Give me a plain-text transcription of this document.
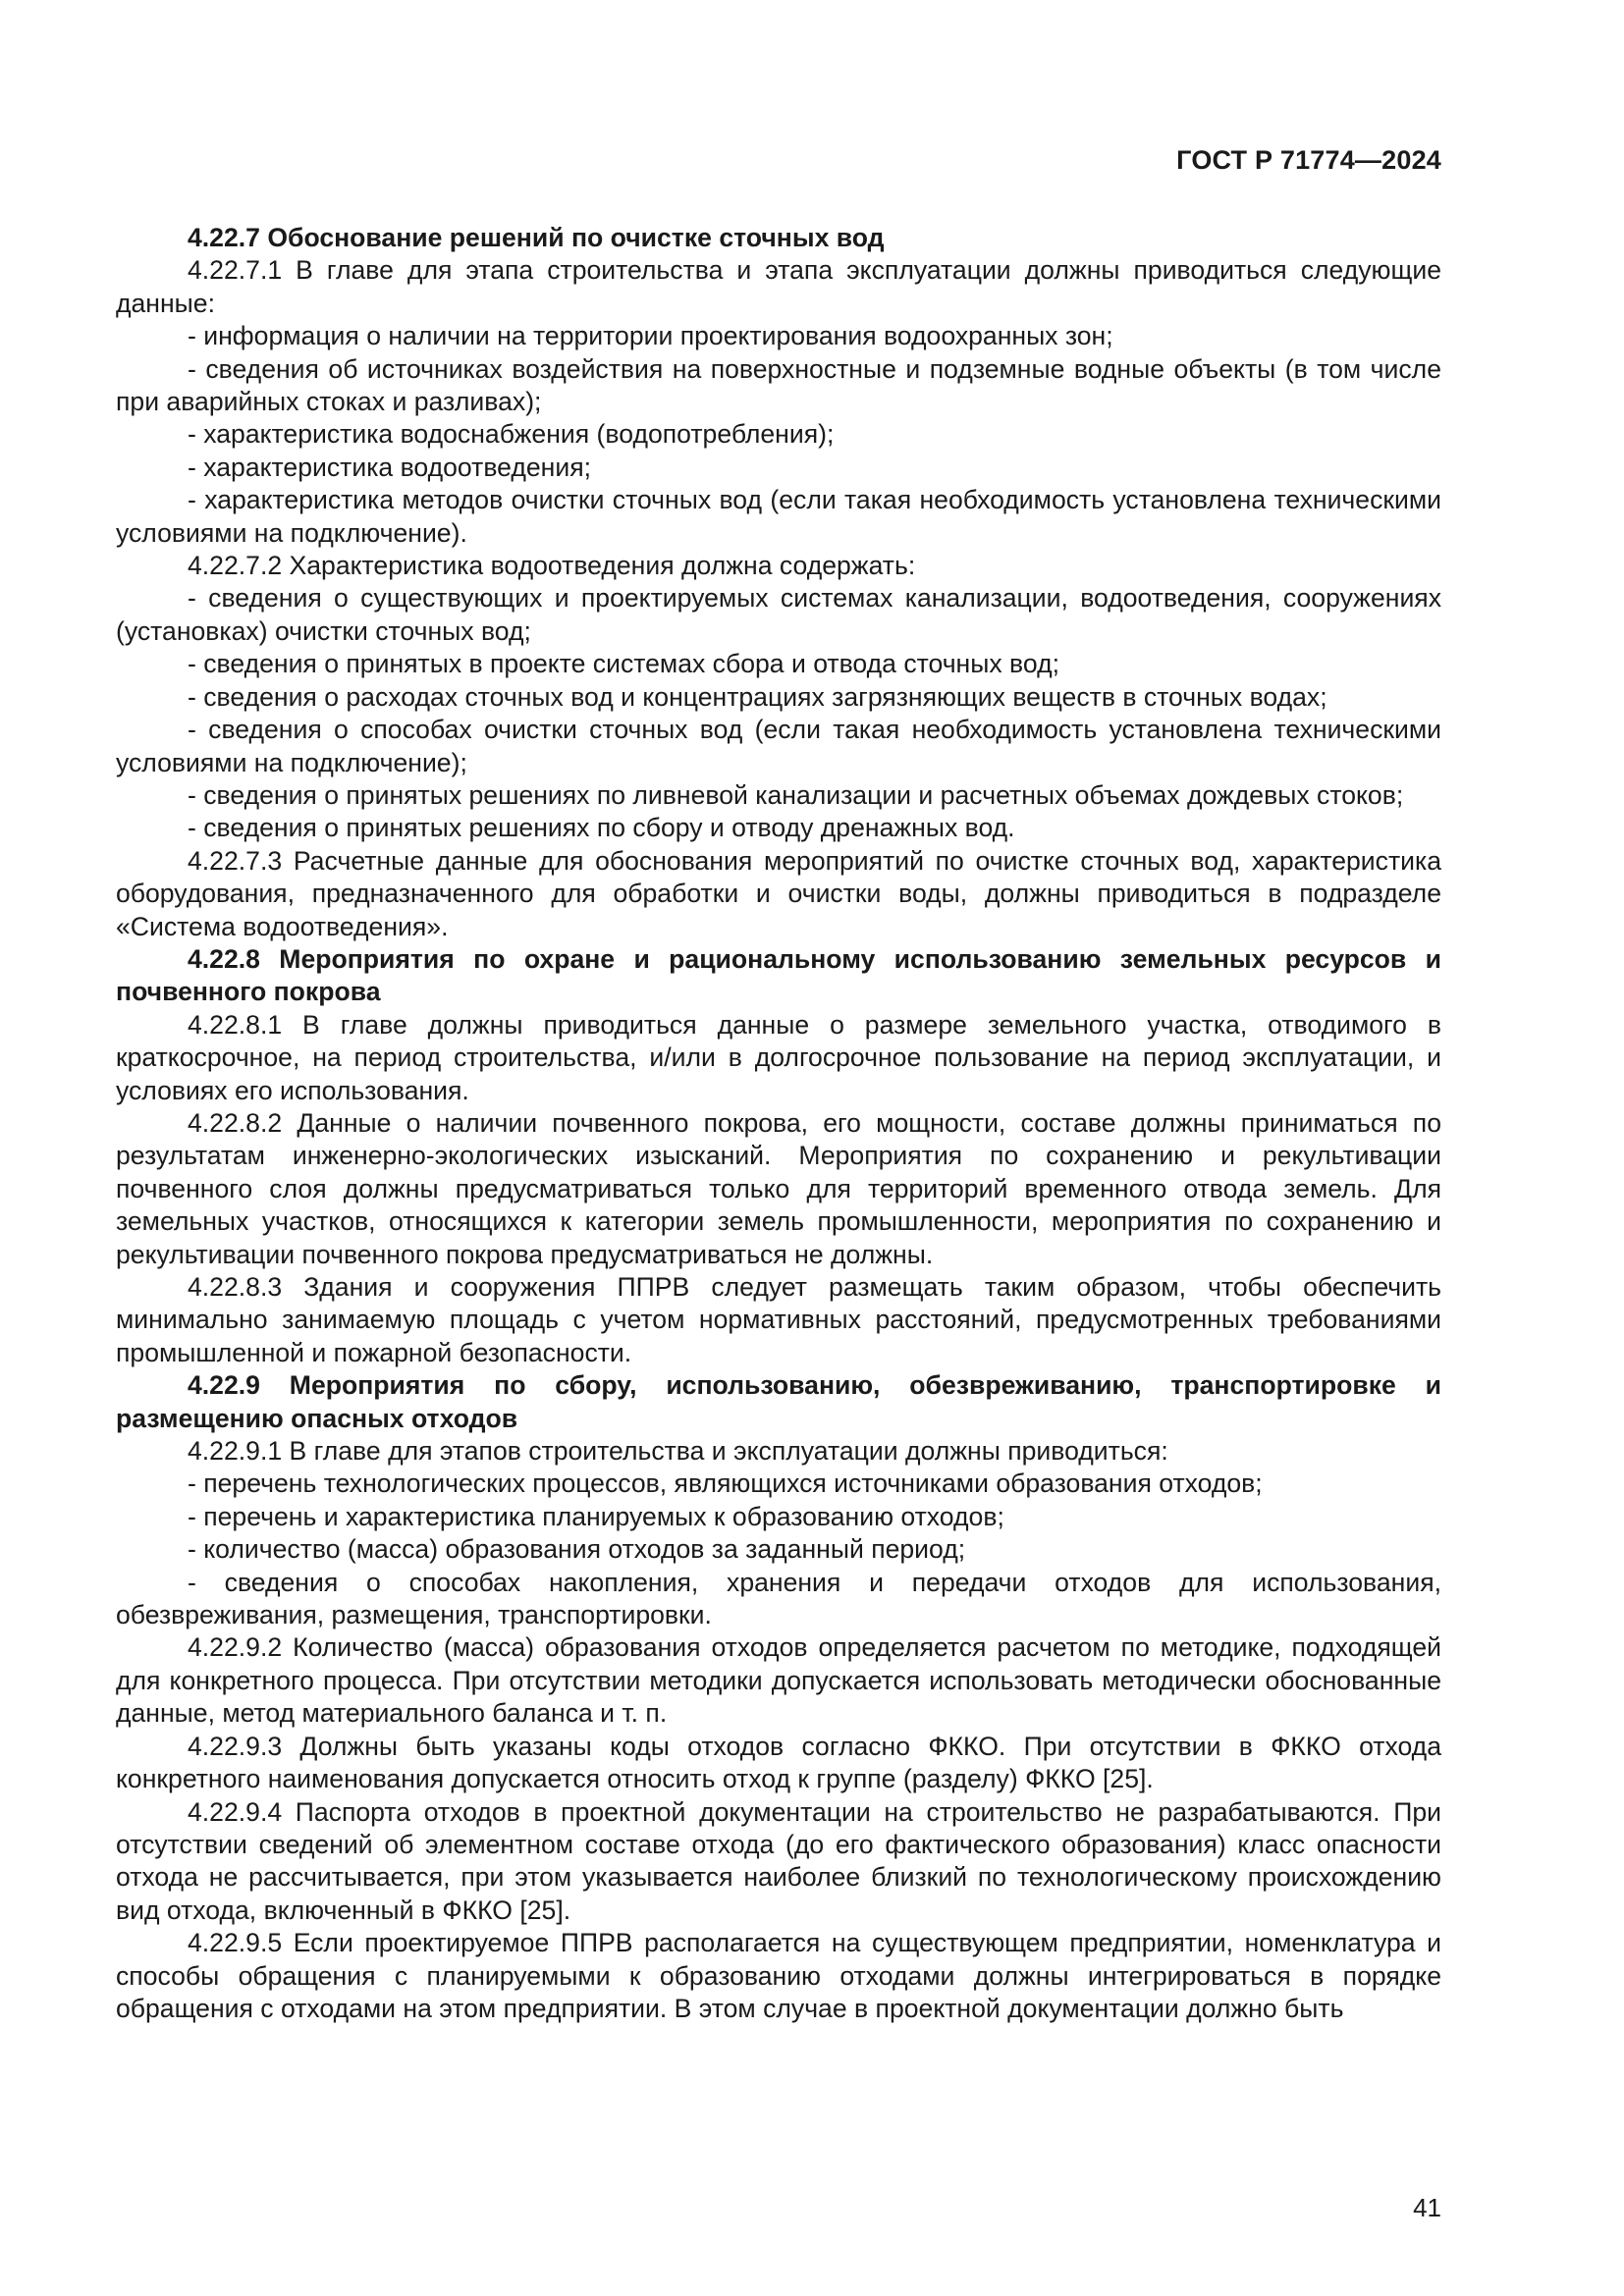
ГОСТ Р 71774—2024

4.22.7 Обоснование решений по очистке сточных вод

4.22.7.1 В главе для этапа строительства и этапа эксплуатации должны приводиться следующие данные:

- информация о наличии на территории проектирования водоохранных зон;

- сведения об источниках воздействия на поверхностные и подземные водные объекты (в том числе при аварийных стоках и разливах);

- характеристика водоснабжения (водопотребления);

- характеристика водоотведения;

- характеристика методов очистки сточных вод (если такая необходимость установлена техническими условиями на подключение).

4.22.7.2 Характеристика водоотведения должна содержать:

- сведения о существующих и проектируемых системах канализации, водоотведения, сооружениях (установках) очистки сточных вод;

- сведения о принятых в проекте системах сбора и отвода сточных вод;

- сведения о расходах сточных вод и концентрациях загрязняющих веществ в сточных водах;

- сведения о способах очистки сточных вод (если такая необходимость установлена техническими условиями на подключение);

- сведения о принятых решениях по ливневой канализации и расчетных объемах дождевых стоков;

- сведения о принятых решениях по сбору и отводу дренажных вод.

4.22.7.3 Расчетные данные для обоснования мероприятий по очистке сточных вод, характеристика оборудования, предназначенного для обработки и очистки воды, должны приводиться в подразделе «Система водоотведения».

4.22.8 Мероприятия по охране и рациональному использованию земельных ресурсов и почвенного покрова

4.22.8.1 В главе должны приводиться данные о размере земельного участка, отводимого в краткосрочное, на период строительства, и/или в долгосрочное пользование на период эксплуатации, и условиях его использования.

4.22.8.2 Данные о наличии почвенного покрова, его мощности, составе должны приниматься по результатам инженерно-экологических изысканий. Мероприятия по сохранению и рекультивации почвенного слоя должны предусматриваться только для территорий временного отвода земель. Для земельных участков, относящихся к категории земель промышленности, мероприятия по сохранению и рекультивации почвенного покрова предусматриваться не должны.

4.22.8.3 Здания и сооружения ППРВ следует размещать таким образом, чтобы обеспечить минимально занимаемую площадь с учетом нормативных расстояний, предусмотренных требованиями промышленной и пожарной безопасности.

4.22.9 Мероприятия по сбору, использованию, обезвреживанию, транспортировке и размещению опасных отходов

4.22.9.1 В главе для этапов строительства и эксплуатации должны приводиться:

- перечень технологических процессов, являющихся источниками образования отходов;

- перечень и характеристика планируемых к образованию отходов;

- количество (масса) образования отходов за заданный период;

- сведения о способах накопления, хранения и передачи отходов для использования, обезвреживания, размещения, транспортировки.

4.22.9.2 Количество (масса) образования отходов определяется расчетом по методике, подходящей для конкретного процесса. При отсутствии методики допускается использовать методически обоснованные данные, метод материального баланса и т. п.

4.22.9.3 Должны быть указаны коды отходов согласно ФККО. При отсутствии в ФККО отхода конкретного наименования допускается относить отход к группе (разделу) ФККО [25].

4.22.9.4 Паспорта отходов в проектной документации на строительство не разрабатываются. При отсутствии сведений об элементном составе отхода (до его фактического образования) класс опасности отхода не рассчитывается, при этом указывается наиболее близкий по технологическому происхождению вид отхода, включенный в ФККО [25].

4.22.9.5 Если проектируемое ППРВ располагается на существующем предприятии, номенклатура и способы обращения с планируемыми к образованию отходами должны интегрироваться в порядке обращения с отходами на этом предприятии. В этом случае в проектной документации должно быть

41
